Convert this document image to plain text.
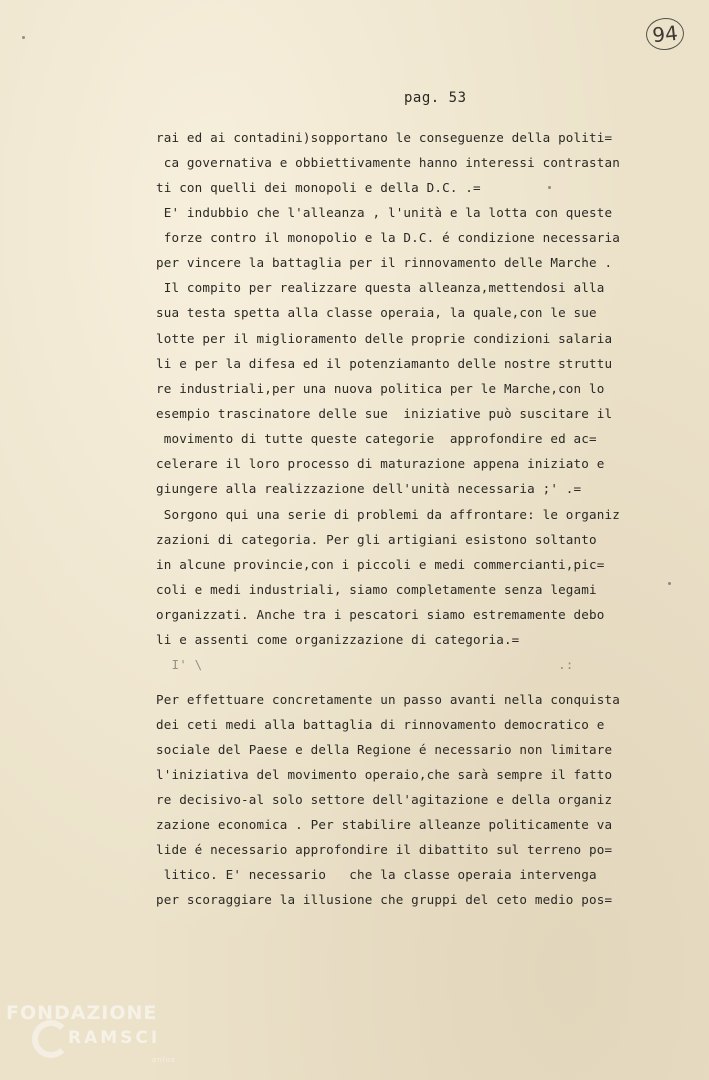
94
pag. 53
rai ed ai contadini)sopportano le conseguenze della politi=
ca governativa e obbiettivamente hanno interessi contrastan
ti con quelli dei monopoli e della D.C. .=
E' indubbio che l'alleanza , l'unità e la lotta con queste
forze contro il monopolio e la D.C. é condizione necessaria
per vincere la battaglia per il rinnovamento delle Marche .
Il compito per realizzare questa alleanza,mettendosi alla
sua testa spetta alla classe operaia, la quale,con le sue
lotte per il miglioramento delle proprie condizioni salaria
li e per la difesa ed il potenziamanto delle nostre struttu
re industriali,per una nuova politica per le Marche,con lo
esempio trascinatore delle sue  iniziative può suscitare il
movimento di tutte queste categorie  approfondire ed ac=
celerare il loro processo di maturazione appena iniziato e
giungere alla realizzazione dell'unità necessaria ;' .=
Sorgono qui una serie di problemi da affrontare: le organiz
zazioni di categoria. Per gli artigiani esistono soltanto
in alcune provincie,con i piccoli e medi commercianti,pic=
coli e medi industriali, siamo completamente senza legami
organizzati. Anche tra i pescatori siamo estremamente debo
li e assenti come organizzazione di categoria.=
I' \                                              .:
Per effettuare concretamente un passo avanti nella conquista
dei ceti medi alla battaglia di rinnovamento democratico e
sociale del Paese e della Regione é necessario non limitare
l'iniziativa del movimento operaio,che sarà sempre il fatto
re decisivo-al solo settore dell'agitazione e della organiz
zazione economica . Per stabilire alleanze politicamente va
lide é necessario approfondire il dibattito sul terreno po=
litico. E' necessario   che la classe operaia intervenga
per scoraggiare la illusione che gruppi del ceto medio pos=
FONDAZIONE
RAMSCI
onlus
